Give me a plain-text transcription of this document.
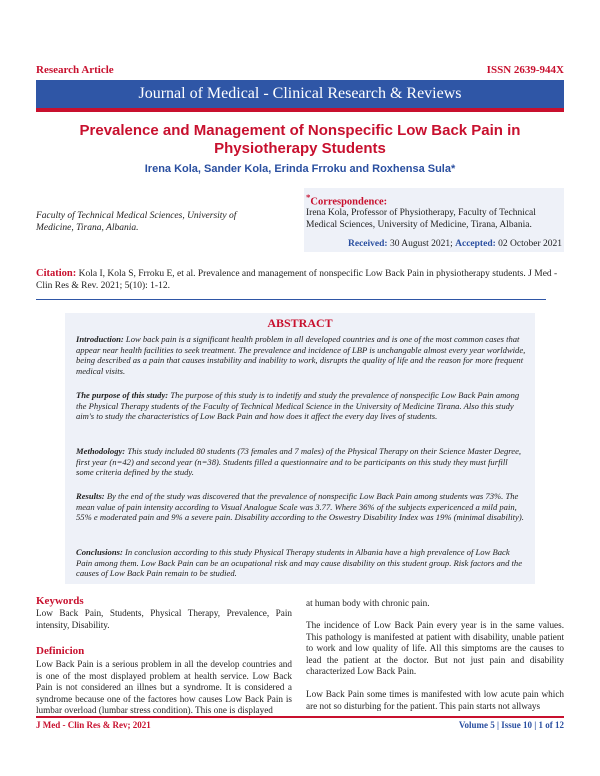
Research Article	ISSN 2639-944X
Journal of Medical - Clinical Research & Reviews
Prevalence and Management of Nonspecific Low Back Pain in Physiotherapy Students
Irena Kola, Sander Kola, Erinda Frroku and Roxhensa Sula*
Faculty of Technical Medical Sciences, University of Medicine, Tirana, Albania.
*Correspondence:
Irena Kola, Professor of Physiotherapy, Faculty of Technical Medical Sciences, University of Medicine, Tirana, Albania.
Received: 30 August 2021; Accepted: 02 October 2021
Citation: Kola I, Kola S, Frroku E, et al. Prevalence and management of nonspecific Low Back Pain in physiotherapy students. J Med - Clin Res & Rev. 2021; 5(10): 1-12.
ABSTRACT
Introduction: Low back pain is a significant health problem in all developed countries and is one of the most common cases that appear near health facilities to seek treatment. The prevalence and incidence of LBP is unchangable almost every year worldwide, being described as a pain that causes instability and inability to work, disrupts the quality of life and the reason for more frequent medical visits.
The purpose of this study: The purpose of this study is to indetify and study the prevalence of nonspecific Low Back Pain among the Physical Therapy students of the Faculty of Technical Medical Science in the University of Medicine Tirana. Also this study aim's to study the characteristics of Low Back Pain and how does it affect the every day lives of students.
Methodology: This study included 80 students (73 females and 7 males) of the Physical Therapy on their Science Master Degree, first year (n=42) and second year (n=38). Students filled a questionnaire and to be participants on this study they must furfill some criteria defined by the study.
Results: By the end of the study was discovered that the prevalence of nonspecific Low Back Pain among students was 73%. The mean value of pain intensity according to Visual Analogue Scale was 3.77. Where 36% of the subjects expericenced a mild pain, 55% e moderated pain and 9% a severe pain. Disability according to the Oswestry Disability Index was 19% (minimal disability).
Conclusions: In conclusion according to this study Physical Therapy students in Albania have a high prevalence of Low Back Pain among them. Low Back Pain can be an ocupational risk and may cause disability on this student group. Risk factors and the causes of Low Back Pain remain to be studied.
Keywords
Low Back Pain, Students, Physical Therapy, Prevalence, Pain intensity, Disability.
Definicion
Low Back Pain is a serious problem in all the develop countries and is one of the most displayed problem at health service. Low Back Pain is not considered an illnes but a syndrome. It is considered a syndrome because one of the factores how causes Low Back Pain is lumbar overload (lumbar stress condition). This one is displayed
at human body with chronic pain.
The incidence of Low Back Pain every year is in the same values. This pathology is manifested at patient with disability, unable patient to work and low quality of life. All this simptoms are the causes to lead the patient at the doctor. But not just pain and disability characterized Low Back Pain.
Low Back Pain some times is manifested with low acute pain which are not so disturbing for the patient. This pain starts not allways
J Med - Clin Res & Rev; 2021	Volume 5 | Issue 10 | 1 of 12
